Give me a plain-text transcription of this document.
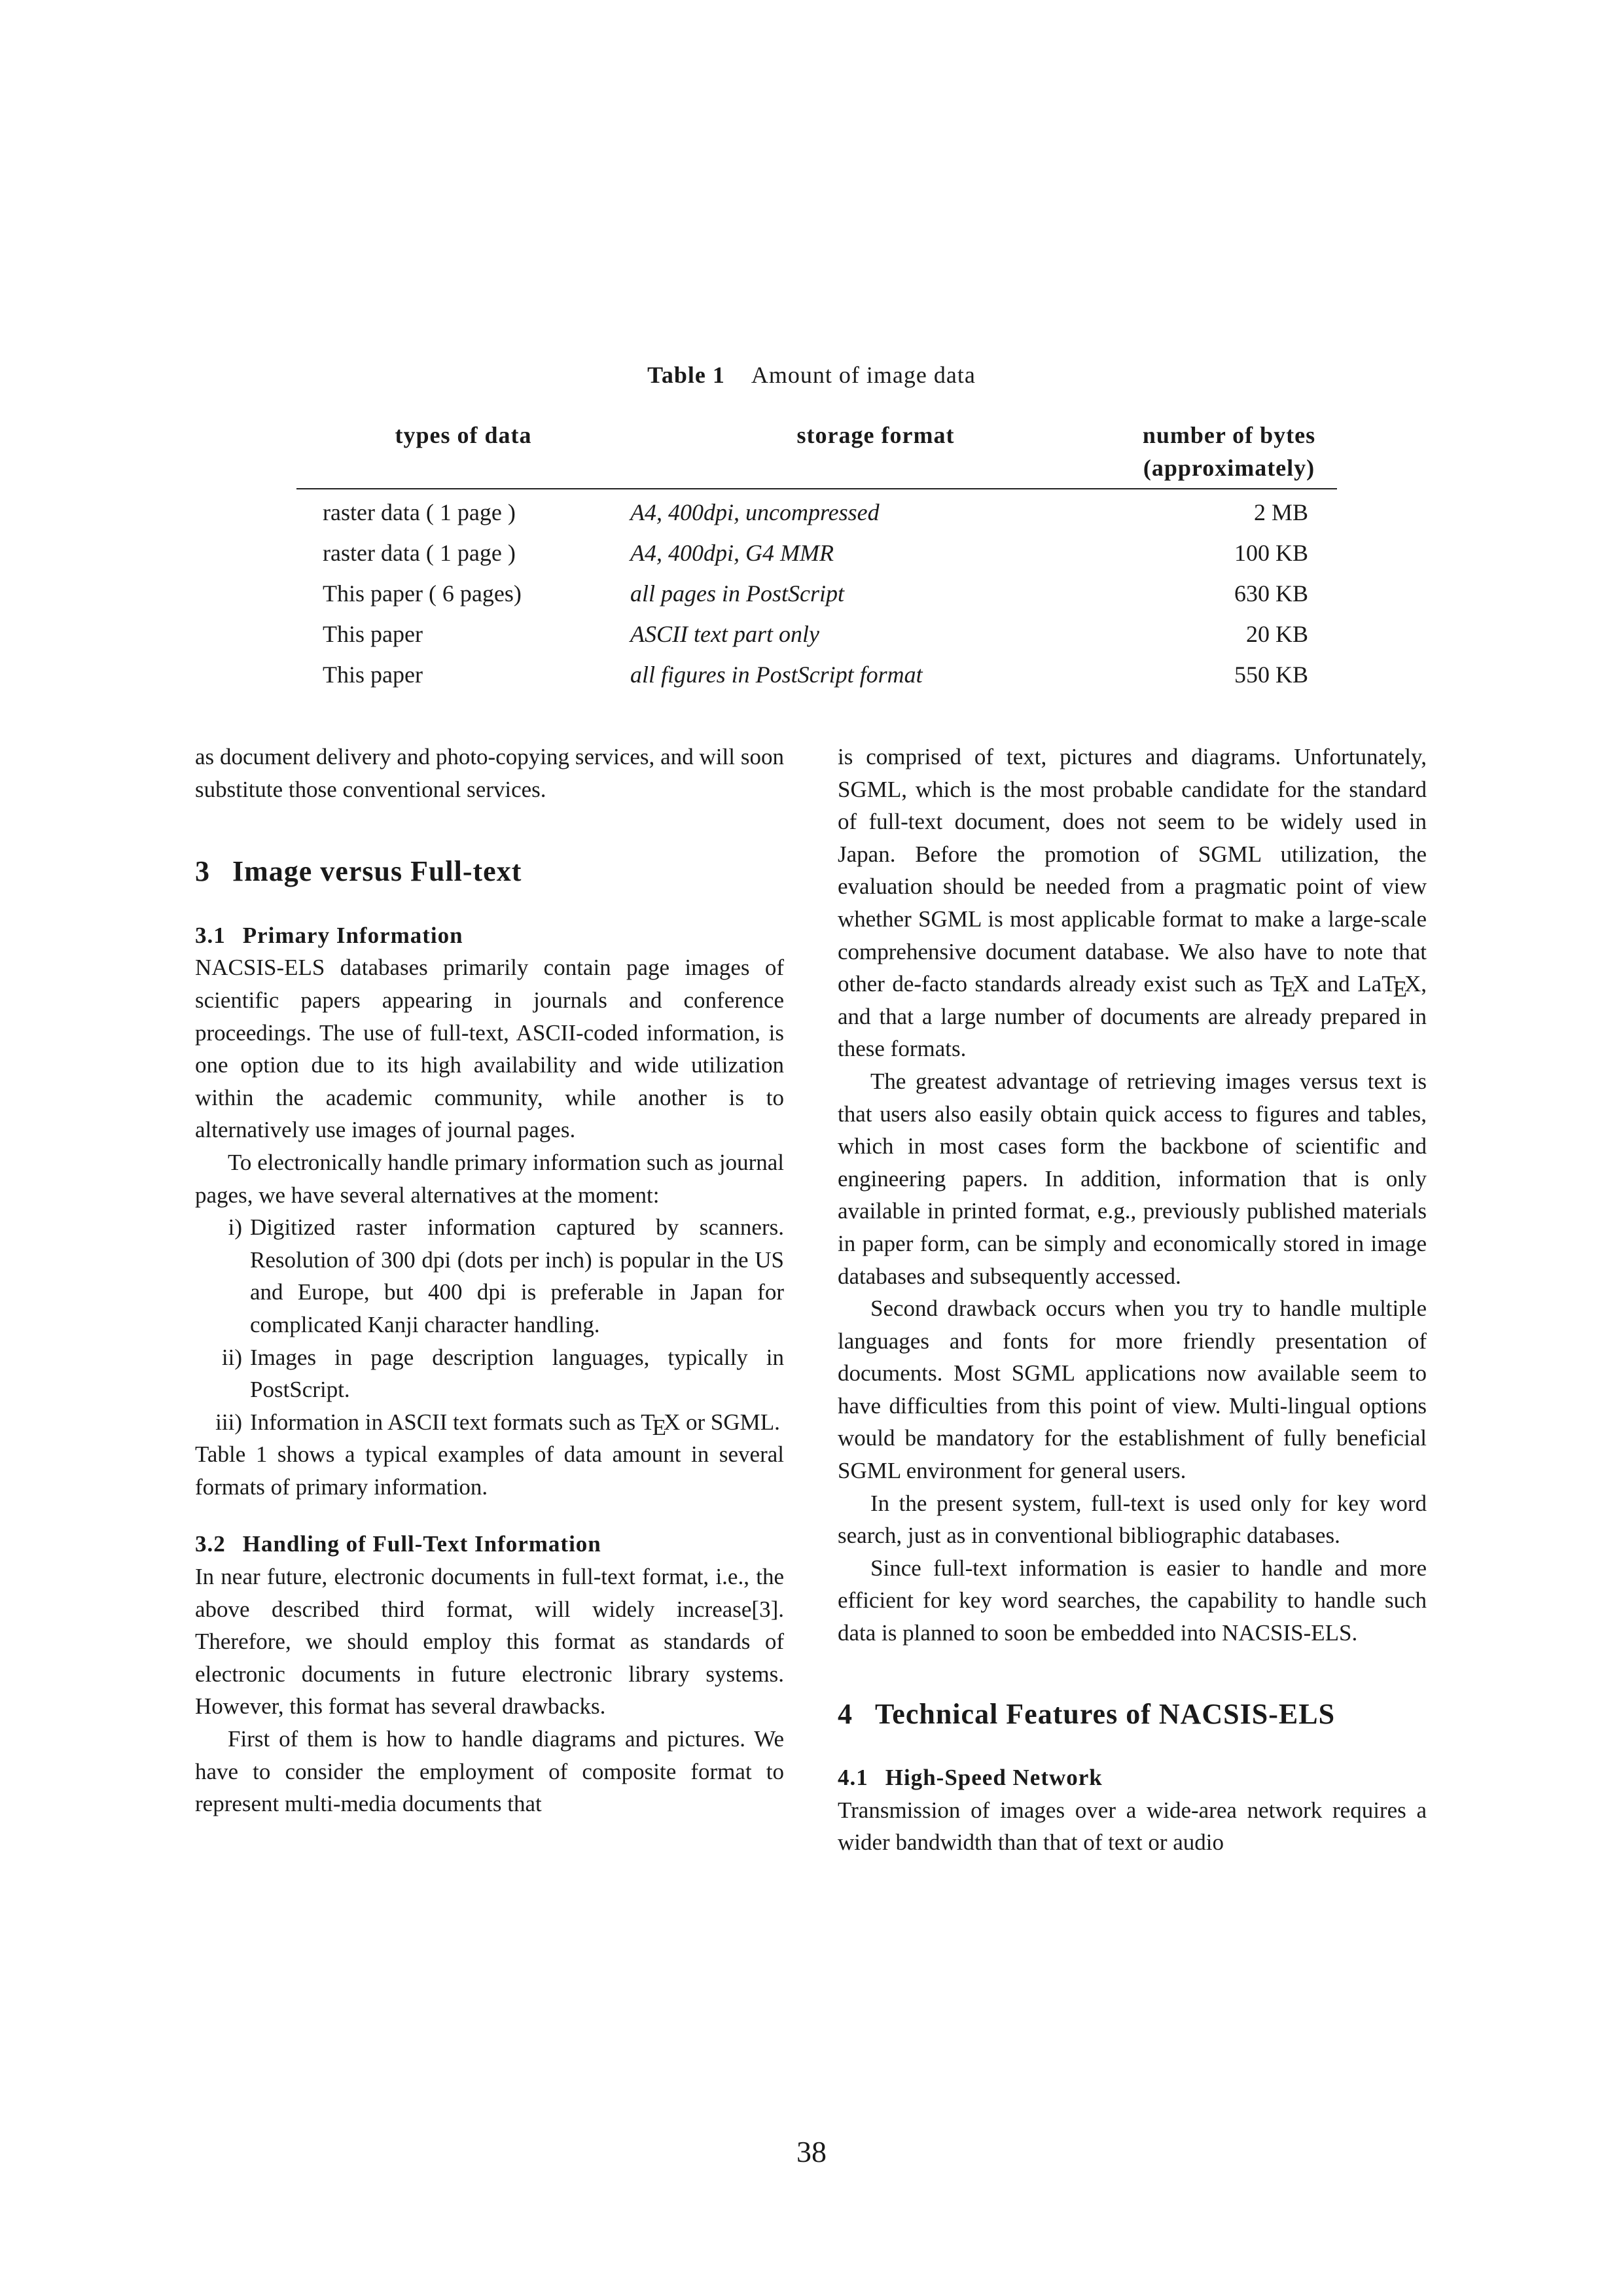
Table 1 Amount of image data
types of data	storage format	number of bytes
(approximately)

raster data ( 1 page )	A4, 400dpi, uncompressed	2 MB
raster data ( 1 page )	A4, 400dpi, G4 MMR	100 KB
This paper ( 6 pages)	all pages in PostScript	630 KB
This paper	ASCII text part only	20 KB
This paper	all figures in PostScript format	550 KB

as document delivery and photo-copying services, and will soon substitute those conventional services.

3 Image versus Full-text
3.1 Primary Information

NACSIS-ELS databases primarily contain page images of scientific papers appearing in journals and conference proceedings. The use of full-text, ASCII-coded information, is one option due to its high availability and wide utilization within the academic community, while another is to alternatively use images of journal pages.

To electronically handle primary information such as journal pages, we have several alternatives at the moment:

i) Digitized raster information captured by scanners. Resolution of 300 dpi (dots per inch) is popular in the US and Europe, but 400 dpi is preferable in Japan for complicated Kanji character handling.
ii) Images in page description languages, typically in PostScript.
iii) Information in ASCII text formats such as TEX or SGML.

Table 1 shows a typical examples of data amount in several formats of primary information.

3.2 Handling of Full-Text Information

In near future, electronic documents in full-text format, i.e., the above described third format, will widely increase[3]. Therefore, we should employ this format as standards of electronic documents in future electronic library systems. However, this format has several drawbacks.

First of them is how to handle diagrams and pictures. We have to consider the employment of composite format to represent multi-media documents that

is comprised of text, pictures and diagrams. Unfortunately, SGML, which is the most probable candidate for the standard of full-text document, does not seem to be widely used in Japan. Before the promotion of SGML utilization, the evaluation should be needed from a pragmatic point of view whether SGML is most applicable format to make a large-scale comprehensive document database. We also have to note that other de-facto standards already exist such as TEX and LaTEX, and that a large number of documents are already prepared in these formats.

The greatest advantage of retrieving images versus text is that users also easily obtain quick access to figures and tables, which in most cases form the backbone of scientific and engineering papers. In addition, information that is only available in printed format, e.g., previously published materials in paper form, can be simply and economically stored in image databases and subsequently accessed.

Second drawback occurs when you try to handle multiple languages and fonts for more friendly presentation of documents. Most SGML applications now available seem to have difficulties from this point of view. Multi-lingual options would be mandatory for the establishment of fully beneficial SGML environment for general users.

In the present system, full-text is used only for key word search, just as in conventional bibliographic databases.

Since full-text information is easier to handle and more efficient for key word searches, the capability to handle such data is planned to soon be embedded into NACSIS-ELS.

4 Technical Features of NACSIS-ELS
4.1 High-Speed Network

Transmission of images over a wide-area network requires a wider bandwidth than that of text or audio

38
